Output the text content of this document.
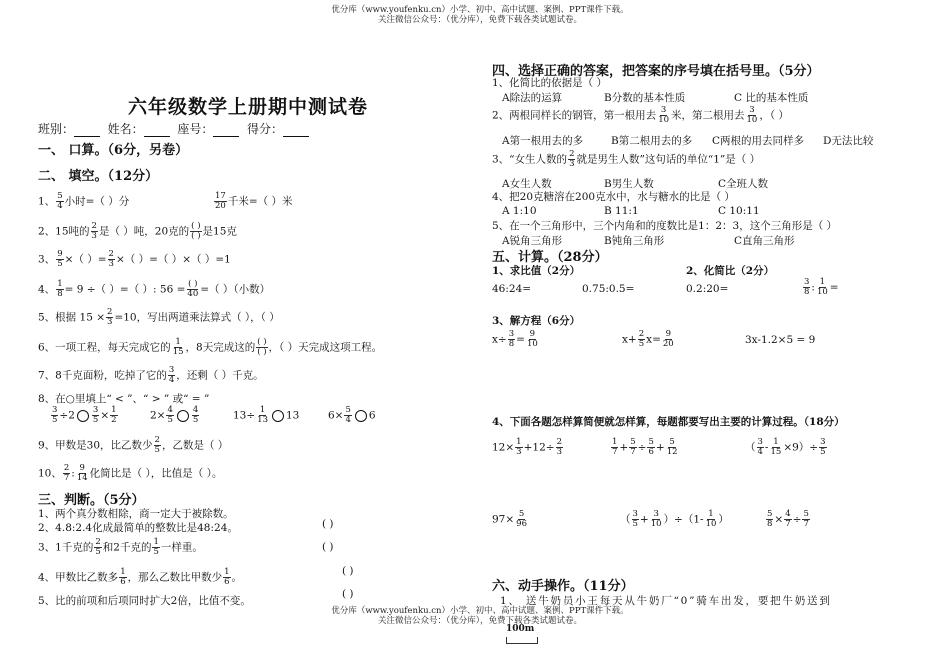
优分库（www.youfenku.cn）小学、初中、高中试题、案例、PPT课件下载。
关注微信公众号：（优分库），免费下载各类试题试卷。
六年级数学上册期中测试卷
班别：	姓名：	座号：	得分：
一、 口算。（6分，另卷）
二、 填空。（12分）
1、 $\frac{5}{4}$ 小时=（ ）分	$\frac{17}{20}$ 千米=（ ）米
2、15吨的 $\frac{2}{3}$ 是（ ）吨，20克的 $\frac{( )}{( )}$ 是15克
3、 $\frac{9}{5}$ ×（ ）= $\frac{2}{3}$ ×（ ）=（ ）×（ ）=1
4、 $\frac{1}{8} = 9$ ÷（ ）=（ ）: $56 = \frac{( )}{40}$ =（ ）（小数）
5、根据 $15 \times \frac{2}{3} =10$，写出两道乘法算式（ ），（ ）
6、一项工程，每天完成它的 $\frac{1}{15}$ ，8天完成这的 $\frac{( )}{( )}$ ，（ ）天完成这项工程。
7、8千克面粉，吃掉了它的 $\frac{3}{4}$ ，还剩（ ）千克。
8、在○里填上“ < ”、“ > ” 或“ = ”
$\frac{3}{5} \div 2 \frac{3}{5} \times \frac{1}{2}$	$2\times \frac{4}{5} \frac{4}{5}$	$13\div \frac{1}{13} 13$	$6\times \frac{5}{4} 6$
9、甲数是30，比乙数少 $\frac{2}{5}$ ，乙数是（ ）
10、 $\frac{2}{7}$ : $\frac{9}{14}$ 化简比是（ ），比值是（ ）。
三、判断。（5分）
1、两个真分数相除，商一定大于被除数。
2、4.8:2.4化成最简单的整数比是48:24。	( )
3、1千克的 $\frac{2}{5}$ 和2千克的 $\frac{1}{5}$ 一样重。	( )
( )
4、甲数比乙数多 $\frac{1}{6}$ ，那么乙数比甲数少 $\frac{1}{6}$ 。
( )
5、比的前项和后项同时扩大2倍，比值不变。
四、选择正确的答案，把答案的序号填在括号里。（5分）
1、化简比的依据是（ ）
A除法的运算	B分数的基本性质	C 比的基本性质
2、两根同样长的钢管，第一根用去 $\frac{3}{10}$ 米，第二根用去 $\frac{3}{10}$ ，（ ）
A第一根用去的多	B第二根用去的多 C两根的用去同样多 D无法比较
3、“女生人数的 $\frac{2}{3}$ 就是男生人数”这句话的单位“1”是（ ）
A女生人数	B男生人数	C全班人数
4、把20克糖溶在200克水中，水与糖水的比是（ ）
A 1:10	B 11:1	C 10:11
5、在一个三角形中，三个内角和的度数比是1：2：3，这个三角形是（ ）
A锐角三角形	B钝角三角形	C直角三角形
五、计算。（28分）
1、求比值（2分）	2、化简比（2分）
46:24=	0.75:0.5=	0.2:20=	$\frac{3}{8}$ : $\frac{1}{10}$ =
3、解方程（6分）
$x\div \frac{3}{8} = \frac{9}{10}$	$x+ \frac{2}{5} x= \frac{9}{20}$	3x-1.2×5 = 9
4、下面各题怎样算简便就怎样算，每题都要写出主要的计算过程。（18分）
$12\times \frac{1}{3} +12\div \frac{2}{3}$	$\frac{1}{7} + \frac{5}{7} \div \frac{5}{6} + \frac{5}{12}$	（ $\frac{3}{4} - \frac{1}{15} \times 9)\div \frac{3}{5}$
$97\times \frac{5}{96}$	（ $\frac{3}{5} + \frac{3}{10} )\div(1- \frac{1}{10}$ ）	$\frac{5}{8} \times \frac{4}{7} \div \frac{5}{7}$
六、动手操作。（11分）
1、 送牛奶员小王每天从牛奶厂“0”骑车出发，要把牛奶送到
优分库（www.youfenku.cn）小学、初中、高中试题、案例、PPT课件下载。
关注微信公众号：（优分库），免费下载各类试题试卷。
100m
